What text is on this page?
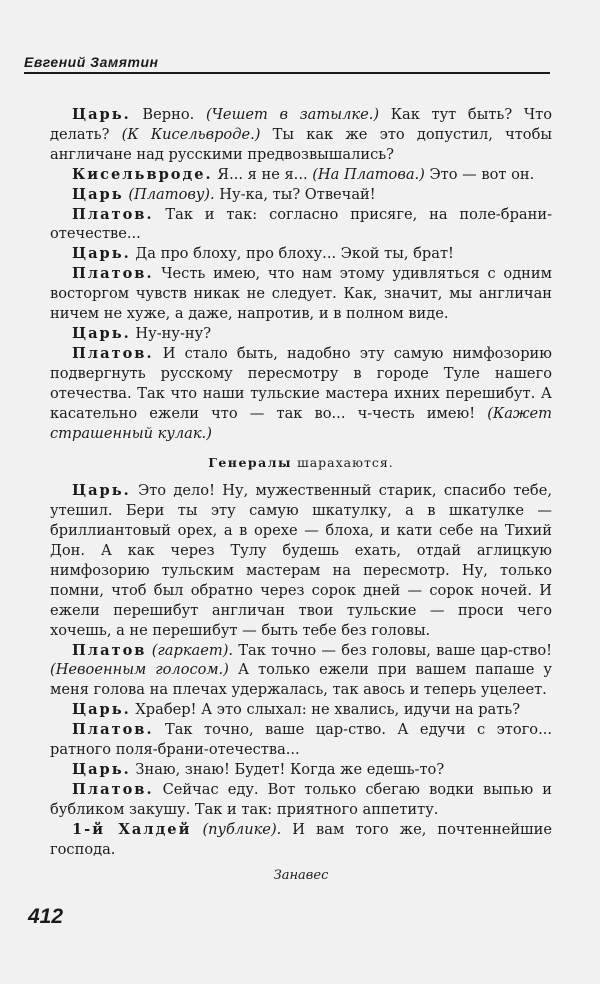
Евгений Замятин

Царь. Верно. (Чешет в затылке.) Как тут быть? Что делать? (К Кисельвроде.) Ты как же это допустил, чтобы англичане над русскими предвозвышались?

Кисельвроде. Я... я не я... (На Платова.) Это — вот он.

Царь (Платову). Ну-ка, ты? Отвечай!

Платов. Так и так: согласно присяге, на поле-брани-отечестве...

Царь. Да про блоху, про блоху... Экой ты, брат!

Платов. Честь имею, что нам этому удивляться с одним восторгом чувств никак не следует. Как, значит, мы англичан ничем не хуже, а даже, напротив, и в полном виде.

Царь. Ну-ну-ну?

Платов. И стало быть, надобно эту самую нимфозорию подвергнуть русскому пересмотру в городе Туле нашего отечества. Так что наши тульские мастера ихних перешибут. А касательно ежели что — так во... ч-честь имею! (Кажет страшенный кулак.)

Генералы шарахаются.

Царь. Это дело! Ну, мужественный старик, спасибо тебе, утешил. Бери ты эту самую шкатулку, а в шкатулке — бриллиантовый орех, а в орехе — блоха, и кати себе на Тихий Дон. А как через Тулу будешь ехать, отдай аглицкую нимфозорию тульским мастерам на пересмотр. Ну, только помни, чтоб был обратно через сорок дней — сорок ночей. И ежели перешибут англичан твои тульские — проси чего хочешь, а не перешибут — быть тебе без головы.

Платов (гаркает). Так точно — без головы, ваше цар-ство! (Невоенным голосом.) А только ежели при вашем папаше у меня голова на плечах удержалась, так авось и теперь уцелеет.

Царь. Храбер! А это слыхал: не хвались, идучи на рать?

Платов. Так точно, ваше цар-ство. А едучи с этого... ратного поля-брани-отечества...

Царь. Знаю, знаю! Будет! Когда же едешь-то?

Платов. Сейчас еду. Вот только сбегаю водки выпью и бубликом закушу. Так и так: приятного аппетиту.

1-й Халдей (публике). И вам того же, почтеннейшие господа.

Занавес

412
